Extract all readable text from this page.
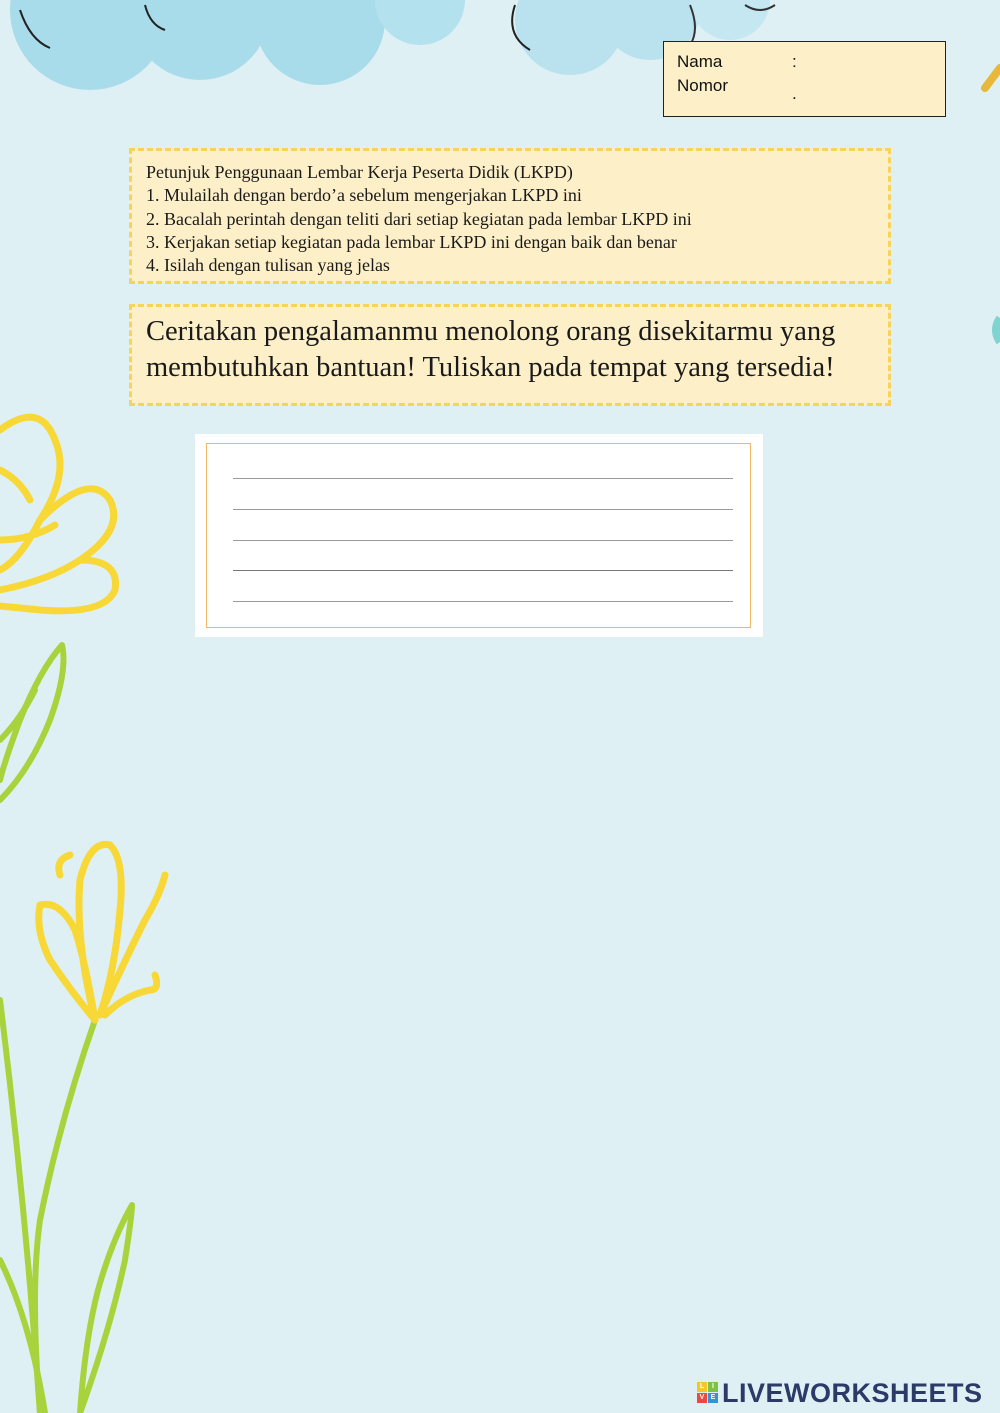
Nama	:
Nomor	.
Petunjuk Penggunaan Lembar Kerja Peserta Didik (LKPD)
1. Mulailah dengan berdo’a sebelum mengerjakan LKPD ini
2. Bacalah perintah dengan teliti dari setiap kegiatan pada lembar LKPD ini
3. Kerjakan setiap kegiatan pada lembar LKPD ini dengan baik dan benar
4. Isilah dengan tulisan yang jelas
Ceritakan pengalamanmu menolong orang disekitarmu yang
membutuhkan bantuan! Tuliskan pada tempat yang tersedia!
L	I
V E LIVEWORKSHEETS
